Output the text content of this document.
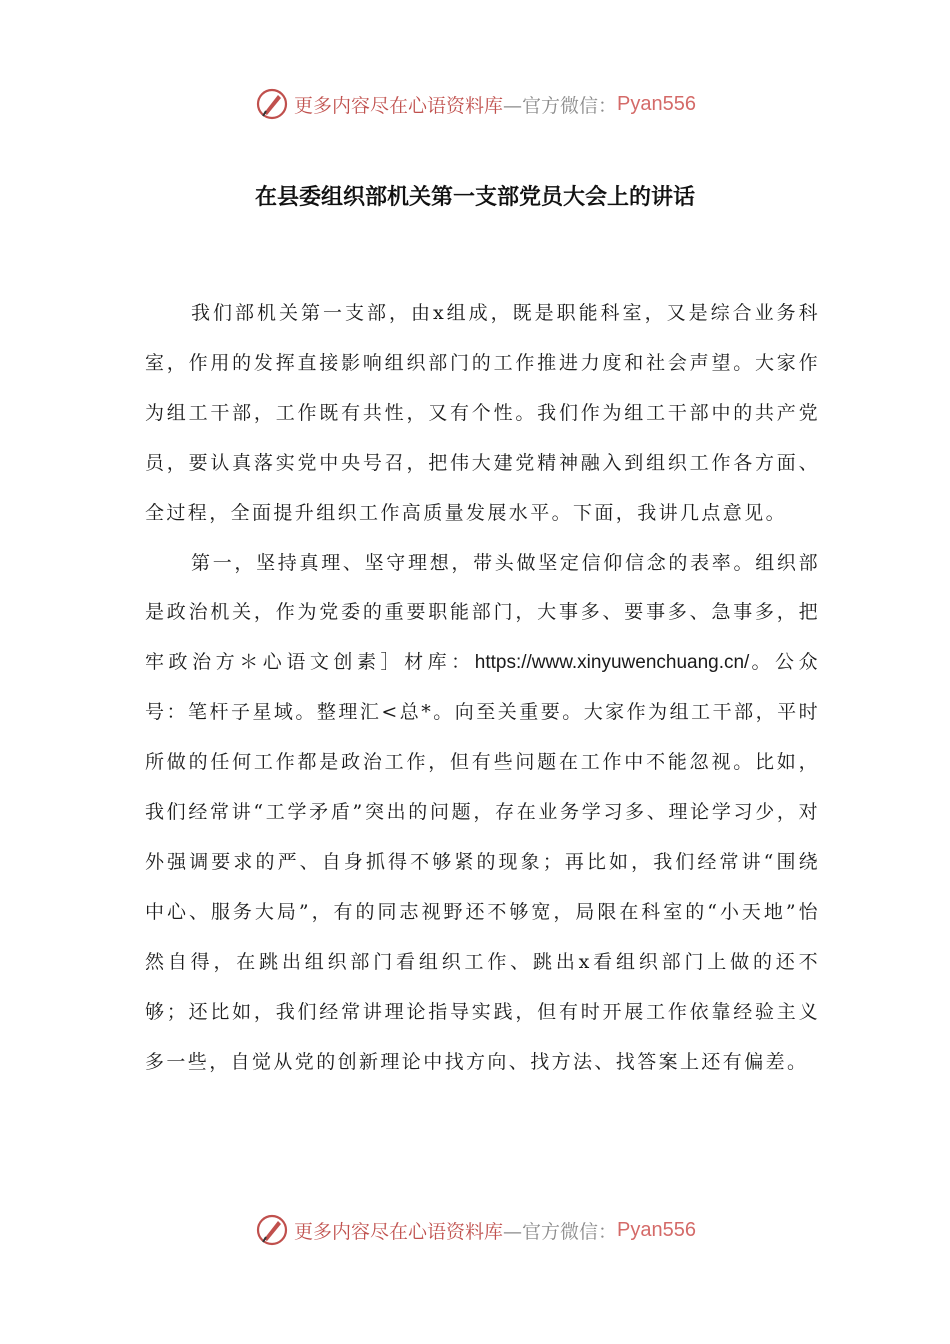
更多内容尽在心语资料库 —官方微信： Pyan556
在县委组织部机关第一支部党员大会上的讲话

我们部机关第一支部，由x组成，既是职能科室，又是综合业务科室，作用的发挥直接影响组织部门的工作推进力度和社会声望。大家作为组工干部，工作既有共性，又有个性。我们作为组工干部中的共产党员，要认真落实党中央号召，把伟大建党精神融入到组织工作各方面、全过程，全面提升组织工作高质量发展水平。下面，我讲几点意见。

第一，坚持真理、坚守理想，带头做坚定信仰信念的表率。组织部是政治机关，作为党委的重要职能部门，大事多、要事多、急事多，把牢政治方＊心语文创素］材库：https://www.xinyuwenchuang.cn/。公众号：笔杆子星域。整理汇<总*。向至关重要。大家作为组工干部，平时所做的任何工作都是政治工作，但有些问题在工作中不能忽视。比如，我们经常讲“工学矛盾”突出的问题，存在业务学习多、理论学习少，对外强调要求的严、自身抓得不够紧的现象；再比如，我们经常讲“围绕中心、服务大局”，有的同志视野还不够宽，局限在科室的“小天地”怡然自得，在跳出组织部门看组织工作、跳出x看组织部门上做的还不够；还比如，我们经常讲理论指导实践，但有时开展工作依靠经验主义多一些，自觉从党的创新理论中找方向、找方法、找答案上还有偏差。

更多内容尽在心语资料库 —官方微信： Pyan556
